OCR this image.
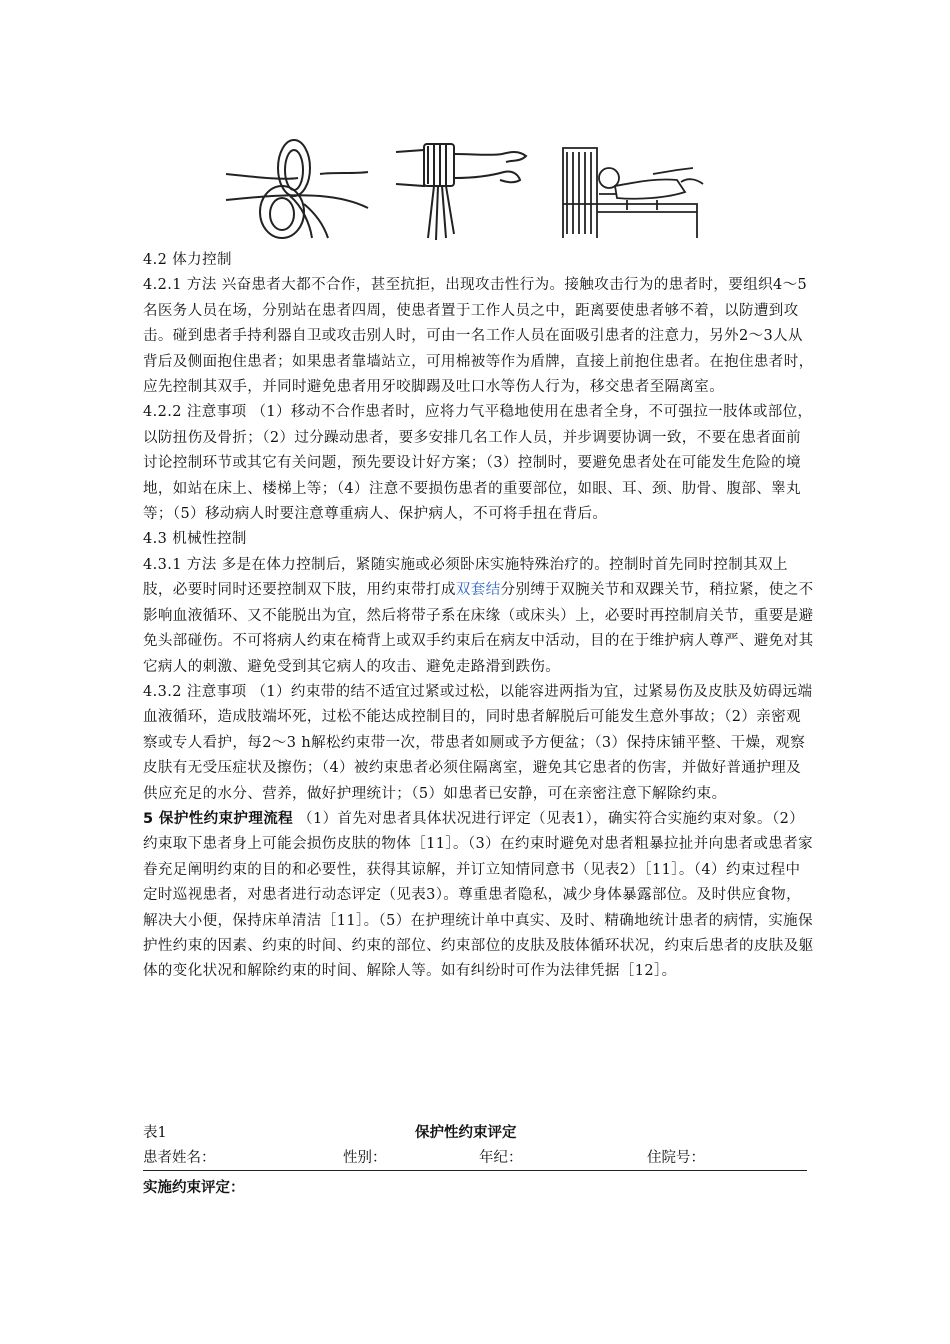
4.2 体力控制

4.2.1 方法 兴奋患者大都不合作，甚至抗拒，出现攻击性行为。接触攻击行为的患者时，要组织4～5名医务人员在场，分别站在患者四周，使患者置于工作人员之中，距离要使患者够不着，以防遭到攻击。碰到患者手持利器自卫或攻击别人时，可由一名工作人员在面吸引患者的注意力，另外2～3人从背后及侧面抱住患者；如果患者靠墙站立，可用棉被等作为盾牌，直接上前抱住患者。在抱住患者时，应先控制其双手，并同时避免患者用牙咬脚踢及吐口水等伤人行为，移交患者至隔离室。

4.2.2 注意事项 （1）移动不合作患者时，应将力气平稳地使用在患者全身，不可强拉一肢体或部位，以防扭伤及骨折；（2）过分躁动患者，要多安排几名工作人员，并步调要协调一致，不要在患者面前讨论控制环节或其它有关问题，预先要设计好方案；（3）控制时，要避免患者处在可能发生危险的境地，如站在床上、楼梯上等；（4）注意不要损伤患者的重要部位，如眼、耳、颈、肋骨、腹部、睾丸等；（5）移动病人时要注意尊重病人、保护病人，不可将手扭在背后。

4.3 机械性控制

4.3.1 方法 多是在体力控制后，紧随实施或必须卧床实施特殊治疗的。控制时首先同时控制其双上肢，必要时同时还要控制双下肢，用约束带打成双套结分别缚于双腕关节和双踝关节，稍拉紧，使之不影响血液循环、又不能脱出为宜，然后将带子系在床缘（或床头）上，必要时再控制肩关节，重要是避免头部碰伤。不可将病人约束在椅背上或双手约束后在病友中活动，目的在于维护病人尊严、避免对其它病人的刺激、避免受到其它病人的攻击、避免走路滑到跌伤。

4.3.2 注意事项 （1）约束带的结不适宜过紧或过松，以能容进两指为宜，过紧易伤及皮肤及妨碍远端血液循环，造成肢端坏死，过松不能达成控制目的，同时患者解脱后可能发生意外事故；（2）亲密观察或专人看护，每2～3 h解松约束带一次，带患者如厕或予方便盆；（3）保持床铺平整、干燥，观察皮肤有无受压症状及擦伤；（4）被约束患者必须住隔离室，避免其它患者的伤害，并做好普通护理及供应充足的水分、营养，做好护理统计；（5）如患者已安静，可在亲密注意下解除约束。

5 保护性约束护理流程 （1）首先对患者具体状况进行评定（见表1），确实符合实施约束对象。（2）约束取下患者身上可能会损伤皮肤的物体［11］。（3）在约束时避免对患者粗暴拉扯并向患者或患者家眷充足阐明约束的目的和必要性，获得其谅解，并订立知情同意书（见表2）［11］。（4）约束过程中定时巡视患者，对患者进行动态评定（见表3）。尊重患者隐私，减少身体暴露部位。及时供应食物，解决大小便，保持床单清洁［11］。（5）在护理统计单中真实、及时、精确地统计患者的病情，实施保护性约束的因素、约束的时间、约束的部位、约束部位的皮肤及肢体循环状况，约束后患者的皮肤及躯体的变化状况和解除约束的时间、解除人等。如有纠纷时可作为法律凭据［12］。

表1	保护性约束评定
患者姓名：	性别：	年纪：	住院号：
实施约束评定：
